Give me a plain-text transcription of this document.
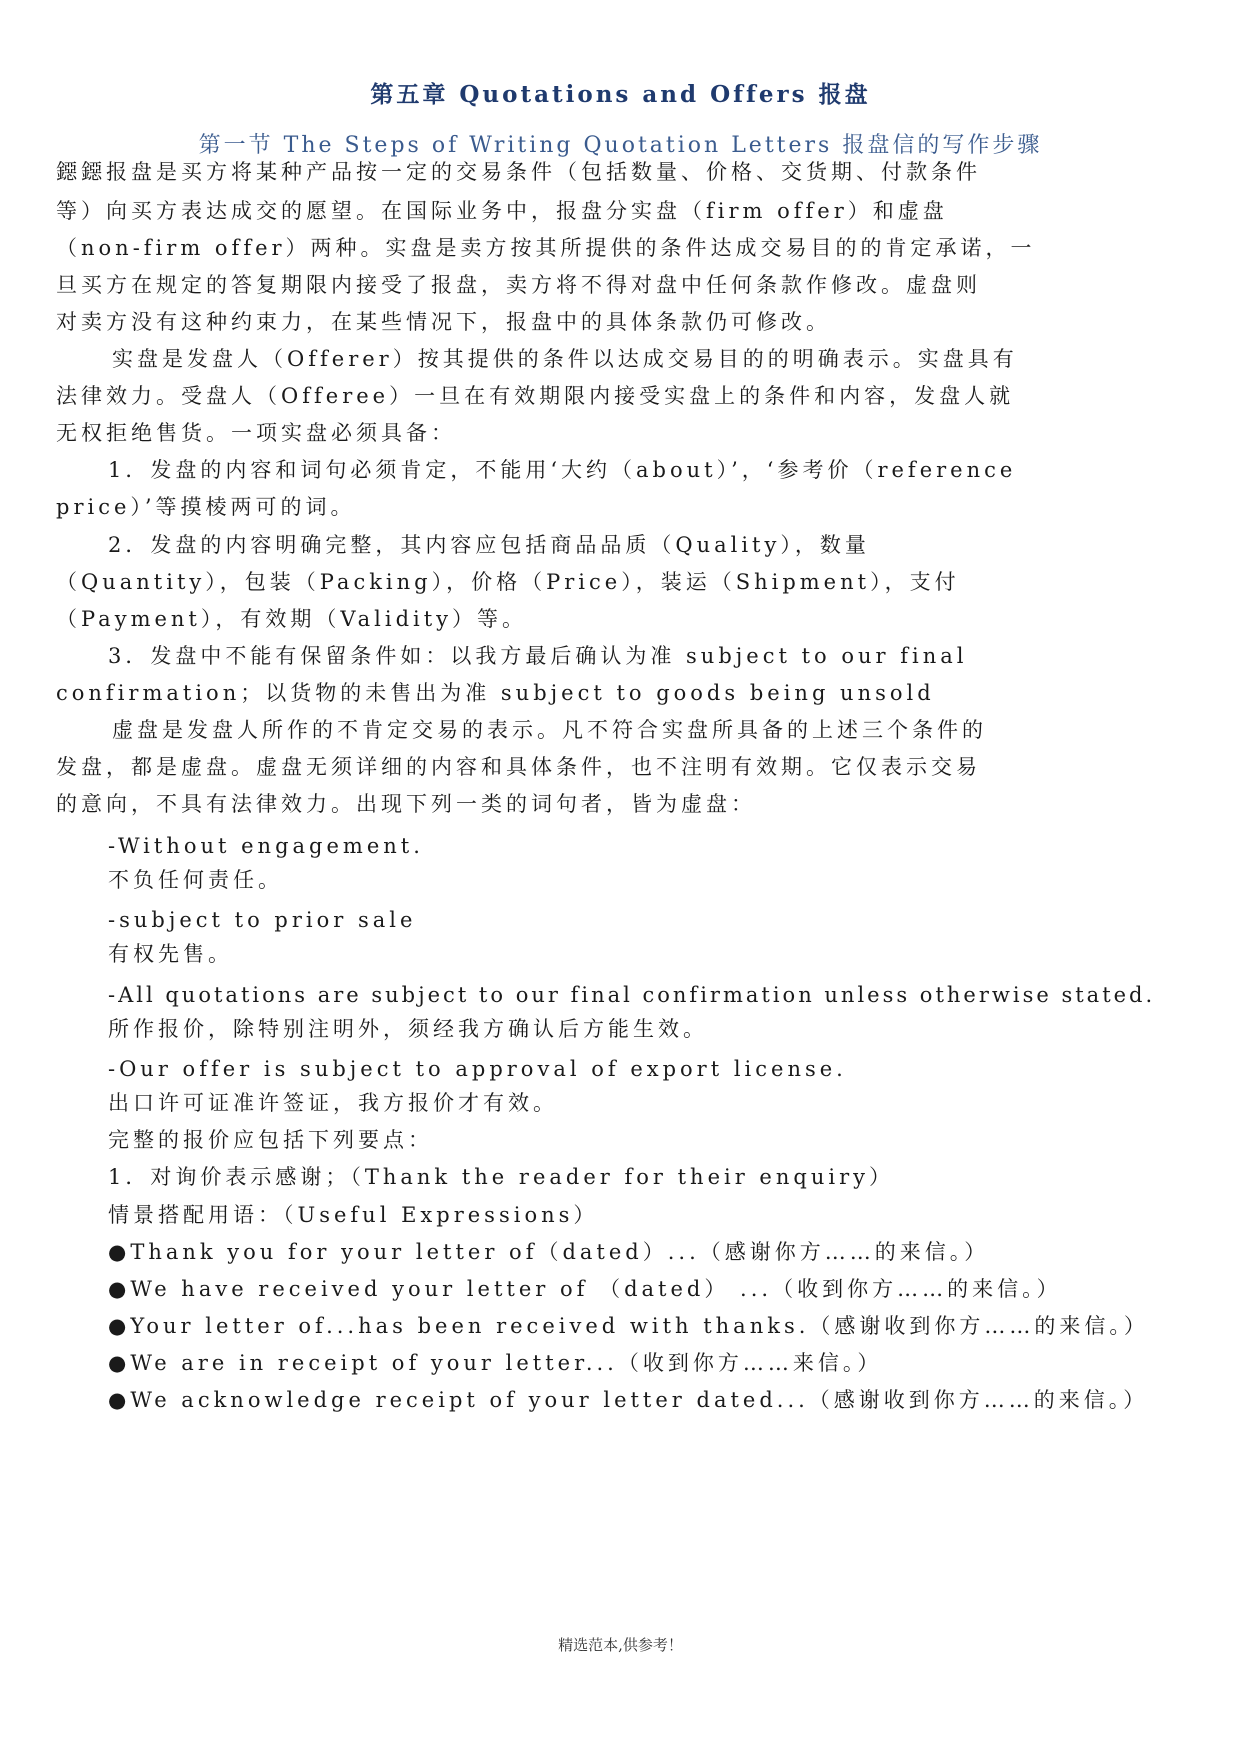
第五章 Quotations and Offers 报盘
第一节 The Steps of Writing Quotation Letters 报盘信的写作步骤
鐚鐚报盘是买方将某种产品按一定的交易条件（包括数量、价格、交货期、付款条件
等）向买方表达成交的愿望。在国际业务中，报盘分实盘（firm offer）和虚盘
（non-firm offer）两种。实盘是卖方按其所提供的条件达成交易目的的肯定承诺，一
旦买方在规定的答复期限内接受了报盘，卖方将不得对盘中任何条款作修改。虚盘则
对卖方没有这种约束力，在某些情况下，报盘中的具体条款仍可修改。
实盘是发盘人（Offerer）按其提供的条件以达成交易目的的明确表示。实盘具有
法律效力。受盘人（Offeree）一旦在有效期限内接受实盘上的条件和内容，发盘人就
无权拒绝售货。一项实盘必须具备：
1．发盘的内容和词句必须肯定，不能用‘大约（about）’，‘参考价（reference
price）’等摸棱两可的词。
2．发盘的内容明确完整，其内容应包括商品品质（Quality），数量
（Quantity），包装（Packing），价格（Price），装运（Shipment），支付
（Payment），有效期（Validity）等。
3．发盘中不能有保留条件如：以我方最后确认为准 subject to our final
confirmation；以货物的未售出为准 subject to goods being unsold
虚盘是发盘人所作的不肯定交易的表示。凡不符合实盘所具备的上述三个条件的
发盘，都是虚盘。虚盘无须详细的内容和具体条件，也不注明有效期。它仅表示交易
的意向，不具有法律效力。出现下列一类的词句者，皆为虚盘：
-Without engagement.
不负任何责任。
-subject to prior sale
有权先售。
-All quotations are subject to our final confirmation unless otherwise stated.
所作报价，除特别注明外，须经我方确认后方能生效。
-Our offer is subject to approval of export license.
出口许可证准许签证，我方报价才有效。
完整的报价应包括下列要点：
1．对询价表示感谢；（Thank the reader for their enquiry）
情景搭配用语：（Useful Expressions）
●Thank you for your letter of（dated）...（感谢你方……的来信。）
●We have received your letter of （dated） ...（收到你方……的来信。）
●Your letter of...has been received with thanks.（感谢收到你方……的来信。）
●We are in receipt of your letter...（收到你方……来信。）
●We acknowledge receipt of your letter dated...（感谢收到你方……的来信。）
精选范本,供参考！
